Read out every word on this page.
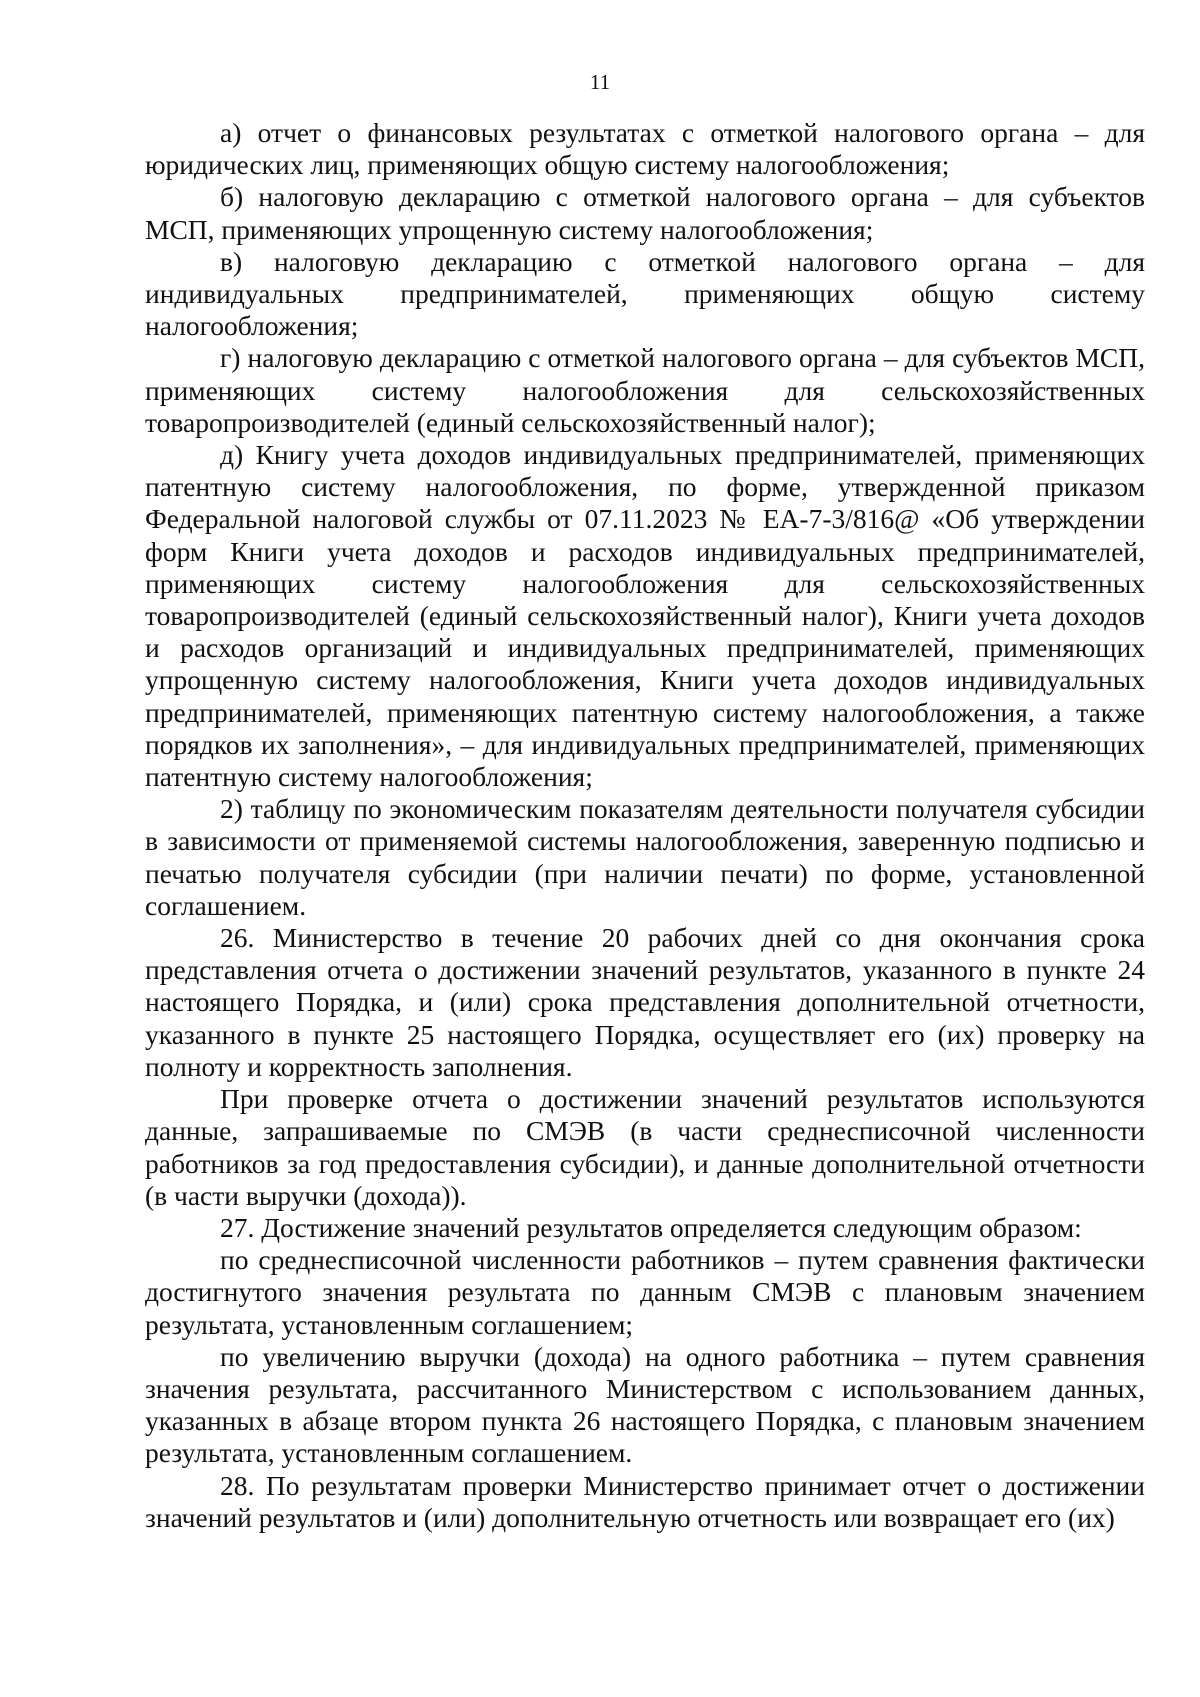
11

а) отчет о финансовых результатах с отметкой налогового органа – для юридических лиц, применяющих общую систему налогообложения;

б) налоговую декларацию с отметкой налогового органа – для субъектов МСП, применяющих упрощенную систему налогообложения;

в) налоговую декларацию с отметкой налогового органа – для индивидуальных предпринимателей, применяющих общую систему налогообложения;

г) налоговую декларацию с отметкой налогового органа – для субъектов МСП, применяющих систему налогообложения для сельскохозяйственных товаропроизводителей (единый сельскохозяйственный налог);

д) Книгу учета доходов индивидуальных предпринимателей, применяющих патентную систему налогообложения, по форме, утвержденной приказом Федеральной налоговой службы от 07.11.2023 № ЕА-7-3/816@ «Об утверждении форм Книги учета доходов и расходов индивидуальных предпринимателей, применяющих систему налогообложения для сельскохозяйственных товаропроизводителей (единый сельскохозяйственный налог), Книги учета доходов и расходов организаций и индивидуальных предпринимателей, применяющих упрощенную систему налогообложения, Книги учета доходов индивидуальных предпринимателей, применяющих патентную систему налогообложения, а также порядков их заполнения», – для индивидуальных предпринимателей, применяющих патентную систему налогообложения;

2) таблицу по экономическим показателям деятельности получателя субсидии в зависимости от применяемой системы налогообложения, заверенную подписью и печатью получателя субсидии (при наличии печати) по форме, установленной соглашением.

26. Министерство в течение 20 рабочих дней со дня окончания срока представления отчета о достижении значений результатов, указанного в пункте 24 настоящего Порядка, и (или) срока представления дополнительной отчетности, указанного в пункте 25 настоящего Порядка, осуществляет его (их) проверку на полноту и корректность заполнения.

При проверке отчета о достижении значений результатов используются данные, запрашиваемые по СМЭВ (в части среднесписочной численности работников за год предоставления субсидии), и данные дополнительной отчетности (в части выручки (дохода)).

27. Достижение значений результатов определяется следующим образом:

по среднесписочной численности работников – путем сравнения фактически достигнутого значения результата по данным СМЭВ с плановым значением результата, установленным соглашением;

по увеличению выручки (дохода) на одного работника – путем сравнения значения результата, рассчитанного Министерством с использованием данных, указанных в абзаце втором пункта 26 настоящего Порядка, с плановым значением результата, установленным соглашением.

28. По результатам проверки Министерство принимает отчет о достижении значений результатов и (или) дополнительную отчетность или возвращает его (их)
